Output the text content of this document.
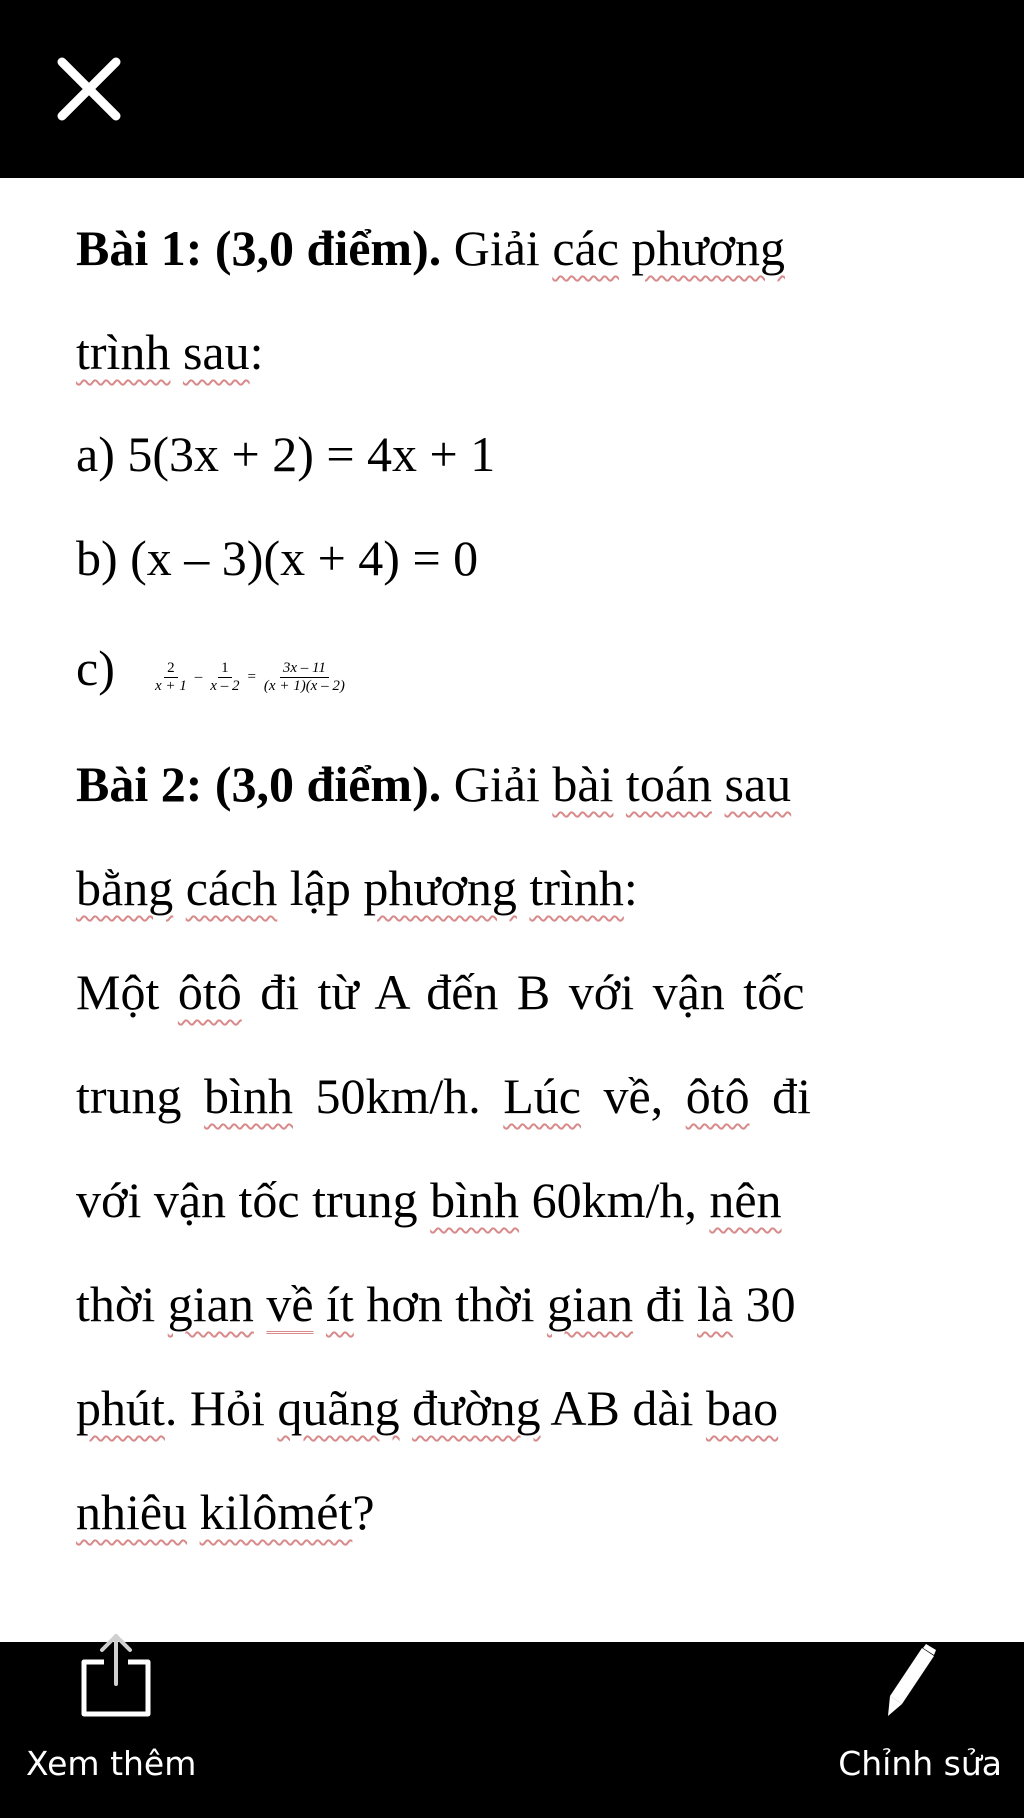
Bài 1: (3,0 điểm). Giải các phương
trình sau:
a) 5(3x + 2) = 4x + 1
b) (x – 3)(x + 4) = 0
$c) \frac{2}{x + 1} - \frac{1}{x - 2} = \frac{3x - 11}{(x + 1)(x - 2)}$
Bài 2: (3,0 điểm). Giải bài toán sau
bằng cách lập phương trình:
Một ôtô đi từ A đến B với vận tốc
trung bình 50km/h. Lúc về, ôtô đi
với vận tốc trung bình 60km/h, nên
thời gian về ít hơn thời gian đi là 30
phút. Hỏi quãng đường AB dài bao
nhiêu kilômét?
Xem thêm	Chỉnh sửa
